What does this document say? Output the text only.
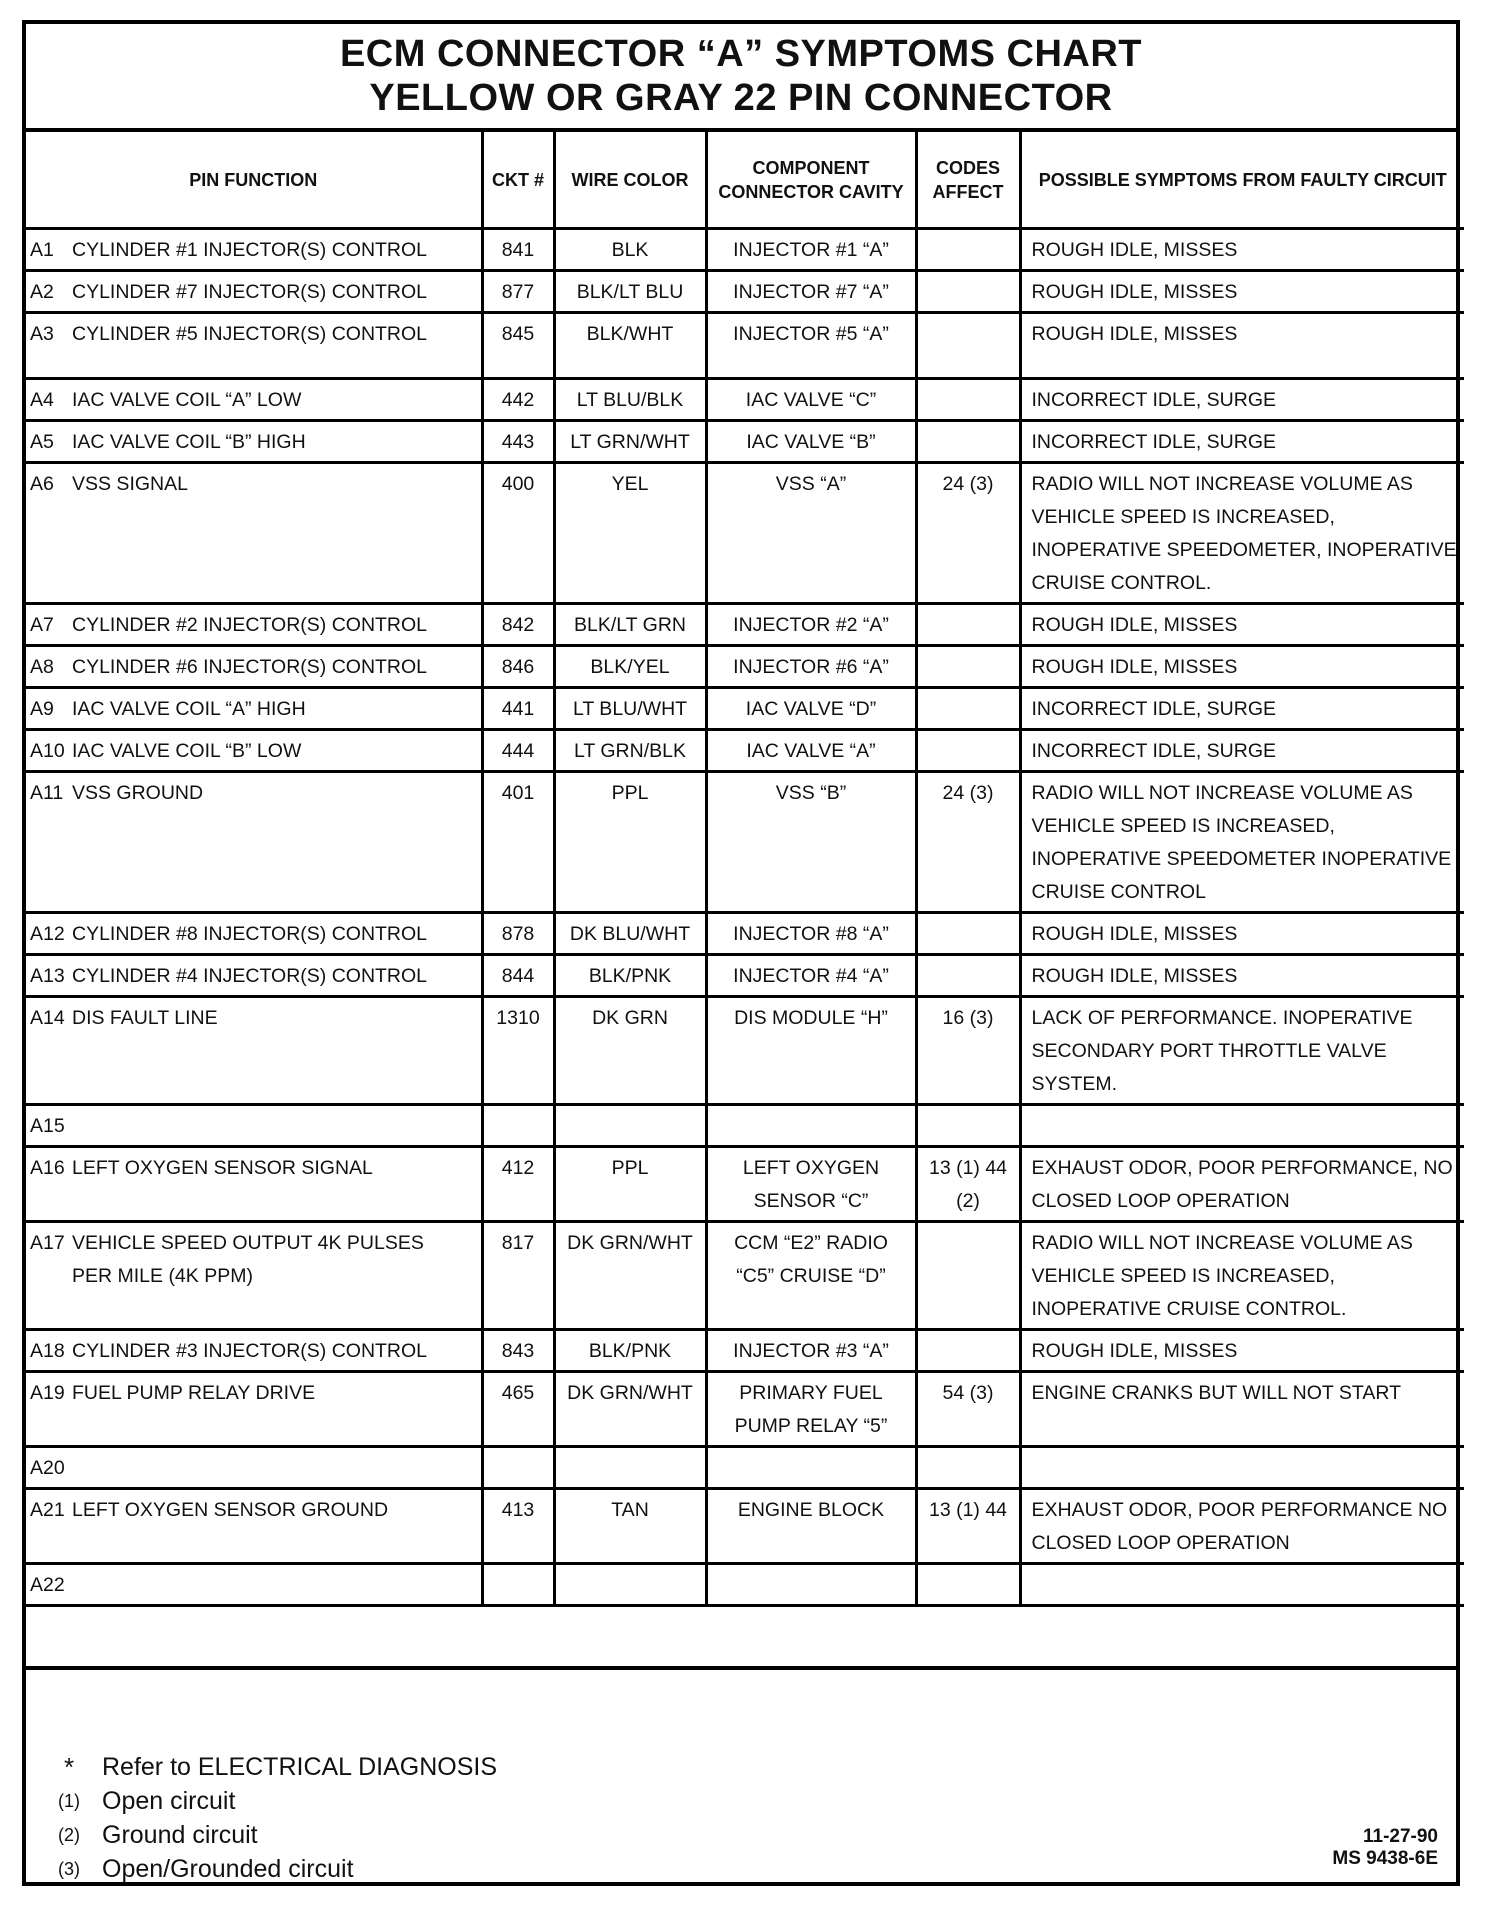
ECM CONNECTOR “A” SYMPTOMS CHART
YELLOW OR GRAY 22 PIN CONNECTOR
PIN FUNCTION	CKT #	WIRE COLOR	COMPONENT CONNECTOR CAVITY	CODES AFFECT	POSSIBLE SYMPTOMS FROM FAULTY CIRCUIT
A1 CYLINDER #1 INJECTOR(S) CONTROL	841	BLK	INJECTOR #1 “A”		ROUGH IDLE, MISSES
A2 CYLINDER #7 INJECTOR(S) CONTROL	877	BLK/LT BLU	INJECTOR #7 “A”		ROUGH IDLE, MISSES
A3 CYLINDER #5 INJECTOR(S) CONTROL	845	BLK/WHT	INJECTOR #5 “A”		ROUGH IDLE, MISSES
A4 IAC VALVE COIL “A” LOW	442	LT BLU/BLK	IAC VALVE “C”		INCORRECT IDLE, SURGE
A5 IAC VALVE COIL “B” HIGH	443	LT GRN/WHT	IAC VALVE “B”		INCORRECT IDLE, SURGE
A6 VSS SIGNAL	400	YEL	VSS “A”	24 (3)	RADIO WILL NOT INCREASE VOLUME AS VEHICLE SPEED IS INCREASED, INOPERATIVE SPEEDOMETER, INOPERATIVE CRUISE CONTROL.
A7 CYLINDER #2 INJECTOR(S) CONTROL	842	BLK/LT GRN	INJECTOR #2 “A”		ROUGH IDLE, MISSES
A8 CYLINDER #6 INJECTOR(S) CONTROL	846	BLK/YEL	INJECTOR #6 “A”		ROUGH IDLE, MISSES
A9 IAC VALVE COIL “A” HIGH	441	LT BLU/WHT	IAC VALVE “D”		INCORRECT IDLE, SURGE
A10 IAC VALVE COIL “B” LOW	444	LT GRN/BLK	IAC VALVE “A”		INCORRECT IDLE, SURGE
A11 VSS GROUND	401	PPL	VSS “B”	24 (3)	RADIO WILL NOT INCREASE VOLUME AS VEHICLE SPEED IS INCREASED, INOPERATIVE SPEEDOMETER INOPERATIVE CRUISE CONTROL
A12 CYLINDER #8 INJECTOR(S) CONTROL	878	DK BLU/WHT	INJECTOR #8 “A”		ROUGH IDLE, MISSES
A13 CYLINDER #4 INJECTOR(S) CONTROL	844	BLK/PNK	INJECTOR #4 “A”		ROUGH IDLE, MISSES
A14 DIS FAULT LINE	1310	DK GRN	DIS MODULE “H”	16 (3)	LACK OF PERFORMANCE. INOPERATIVE SECONDARY PORT THROTTLE VALVE SYSTEM.
A15					
A16 LEFT OXYGEN SENSOR SIGNAL	412	PPL	LEFT OXYGEN SENSOR “C”	13 (1) 44 (2)	EXHAUST ODOR, POOR PERFORMANCE, NO CLOSED LOOP OPERATION
A17 VEHICLE SPEED OUTPUT 4K PULSES PER MILE (4K PPM)	817	DK GRN/WHT	CCM “E2” RADIO “C5” CRUISE “D”		RADIO WILL NOT INCREASE VOLUME AS VEHICLE SPEED IS INCREASED, INOPERATIVE CRUISE CONTROL.
A18 CYLINDER #3 INJECTOR(S) CONTROL	843	BLK/PNK	INJECTOR #3 “A”		ROUGH IDLE, MISSES
A19 FUEL PUMP RELAY DRIVE	465	DK GRN/WHT	PRIMARY FUEL PUMP RELAY “5”	54 (3)	ENGINE CRANKS BUT WILL NOT START
A20					
A21 LEFT OXYGEN SENSOR GROUND	413	TAN	ENGINE BLOCK	13 (1) 44	EXHAUST ODOR, POOR PERFORMANCE NO CLOSED LOOP OPERATION
A22					
*	Refer to ELECTRICAL DIAGNOSIS
(1) Open circuit
(2) Ground circuit
(3) Open/Grounded circuit
11-27-90
MS 9438-6E
